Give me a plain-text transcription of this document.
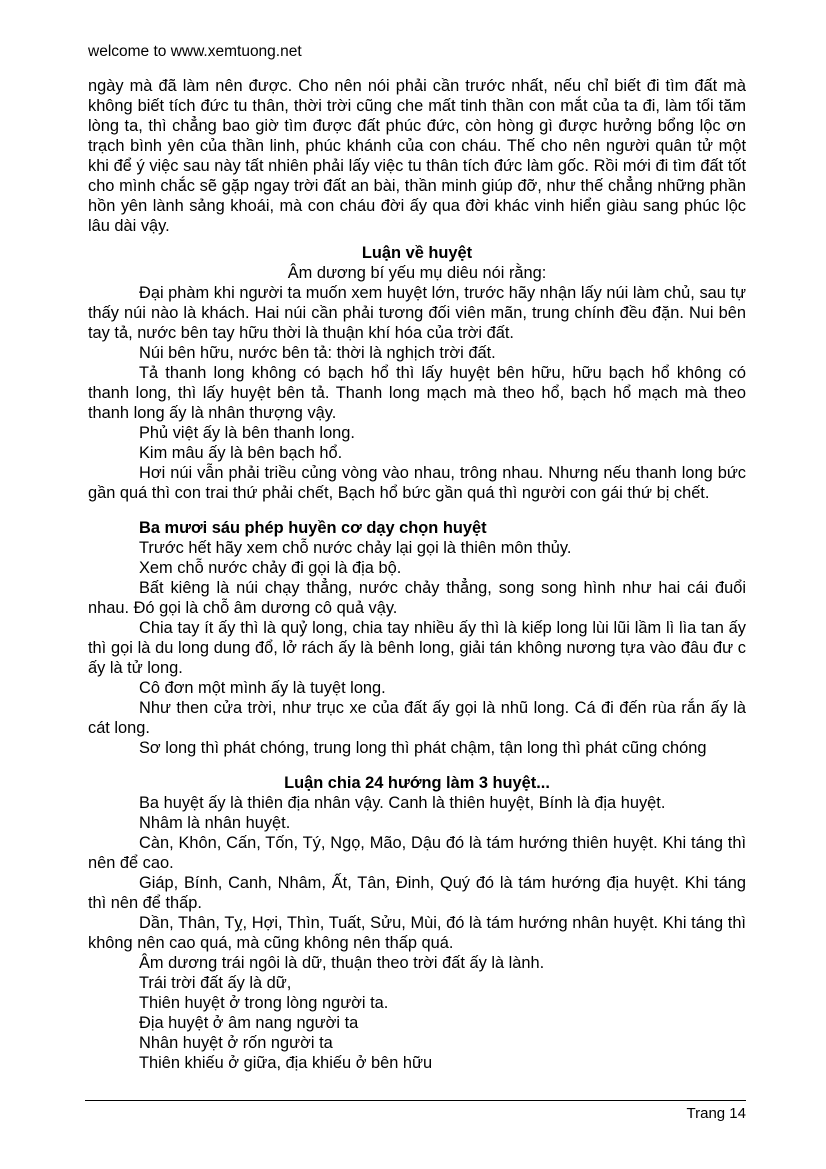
welcome to www.xemtuong.net

ngày mà đã làm nên được. Cho nên nói phải cần trước nhất, nếu chỉ biết đi tìm đất mà không biết tích đức tu thân, thời trời cũng che mất tinh thần con mắt của ta đi, làm tối tăm lòng ta, thì chẳng bao giờ tìm được đất phúc đức, còn hòng gì được hưởng bổng lộc ơn trạch bình yên của thần linh, phúc khánh của con cháu. Thế cho nên người quân tử một khi để ý việc sau này tất nhiên phải lấy việc tu thân tích đức làm gốc. Rồi mới đi tìm đất tốt cho mình chắc sẽ gặp ngay trời đất an bài, thần minh giúp đỡ, như thế chẳng những phần hồn yên lành sảng khoái, mà con cháu đời ấy qua đời khác vinh hiển giàu sang phúc lộc lâu dài vậy.

Luận về huyệt

Âm dương bí yếu mụ diêu nói rằng:

Đại phàm khi người ta muốn xem huyệt lớn, trước hãy nhận lấy núi làm chủ, sau tự thấy núi nào là khách. Hai núi cần phải tương đối viên mãn, trung chính đều đặn. Nui bên tay tả, nước bên tay hữu thời là thuận khí hóa của trời đất.

Núi bên hữu, nước bên tả: thời là nghịch trời đất.

Tả thanh long không có bạch hổ thì lấy huyệt bên hữu, hữu bạch hổ không có thanh long, thì lấy huyệt bên tả. Thanh long mạch mà theo hổ, bạch hổ mạch mà theo thanh long ấy là nhân thượng vậy.

Phủ việt ấy là bên thanh long.

Kim mâu ấy là bên bạch hổ.

Hơi núi vẫn phải triều củng vòng vào nhau, trông nhau. Nhưng nếu thanh long bức gần quá thì con trai thứ phải chết, Bạch hổ bức gần quá thì người con gái thứ bị chết.

Ba mươi sáu phép huyền cơ dạy chọn huyệt

Trước hết hãy xem chỗ nước chảy lại gọi là thiên môn thủy.

Xem chỗ nước chảy đi gọi là địa bộ.

Bất kiêng là núi chạy thẳng, nước chảy thẳng, song song hình như hai cái đuổi nhau. Đó gọi là chỗ âm dương cô quả vậy.

Chia tay ít ấy thì là quỷ long, chia tay nhiều ấy thì là kiếp long lùi lũi lầm lì lìa tan ấy thì gọi là du long dung đổ, lở rách ấy là bênh long, giải tán không nương tựa vào đâu đư c ấy là tử long.

Cô đơn một mình ấy là tuyệt long.

Như then cửa trời, như trục xe của đất ấy gọi là nhũ long. Cá đi đến rùa rắn ấy là cát long.

Sơ long thì phát chóng, trung long thì phát chậm, tận long thì phát cũng chóng

Luận chia 24 hướng làm 3 huyệt...

Ba huyệt ấy là thiên địa nhân vậy. Canh là thiên huyệt, Bính là địa huyệt.

Nhâm là nhân huyệt.

Càn, Khôn, Cấn, Tốn, Tý, Ngọ, Mão, Dậu đó là tám hướng thiên huyệt. Khi táng thì nên để cao.

Giáp, Bính, Canh, Nhâm, Ất, Tân, Đinh, Quý đó là tám hướng địa huyệt. Khi táng thì nên để thấp.

Dần, Thân, Tỵ, Hợi, Thìn, Tuất, Sửu, Mùi, đó là tám hướng nhân huyệt. Khi táng thì không nên cao quá, mà cũng không nên thấp quá.

Âm dương trái ngôi là dữ, thuận theo trời đất ấy là lành.

Trái trời đất ấy là dữ,

Thiên huyệt ở trong lòng người ta.

Địa huyệt ở âm nang người ta

Nhân huyệt ở rốn người ta

Thiên khiếu ở giữa, địa khiếu ở bên hữu

Trang 14
